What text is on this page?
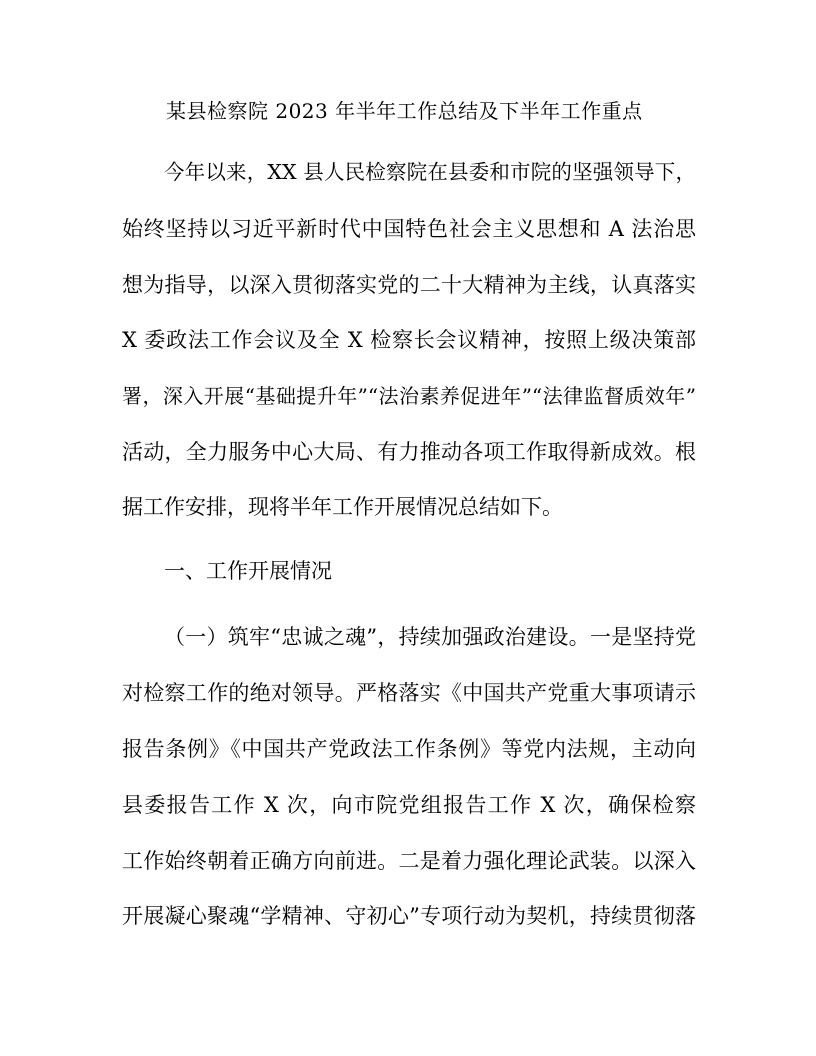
某县检察院 2023 年半年工作总结及下半年工作重点
今年以来，XX 县人民检察院在县委和市院的坚强领导下，
始终坚持以习近平新时代中国特色社会主义思想和 A 法治思
想为指导，以深入贯彻落实党的二十大精神为主线，认真落实
X 委政法工作会议及全 X 检察长会议精神，按照上级决策部
署，深入开展“基础提升年”“法治素养促进年”“法律监督质效年”
活动，全力服务中心大局、有力推动各项工作取得新成效。根
据工作安排，现将半年工作开展情况总结如下。
一、工作开展情况
（一）筑牢“忠诚之魂”，持续加强政治建设。一是坚持党
对检察工作的绝对领导。严格落实《中国共产党重大事项请示
报告条例》《中国共产党政法工作条例》等党内法规，主动向
县委报告工作 X 次，向市院党组报告工作 X 次，确保检察
工作始终朝着正确方向前进。二是着力强化理论武装。以深入
开展凝心聚魂“学精神、守初心”专项行动为契机，持续贯彻落
